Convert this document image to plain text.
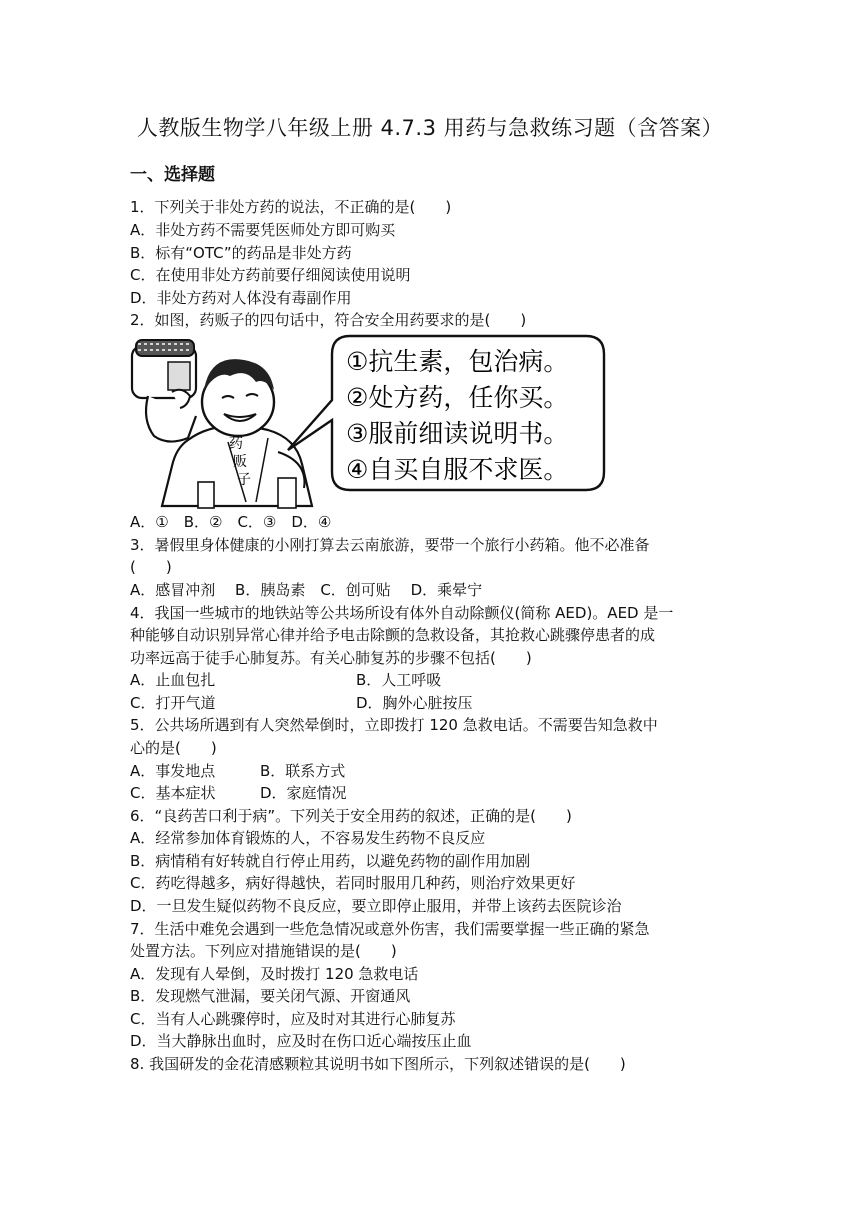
人教版生物学八年级上册 4.7.3 用药与急救练习题（含答案）
一、选择题
1．下列关于非处方药的说法，不正确的是(　　)
A．非处方药不需要凭医师处方即可购买
B．标有“OTC”的药品是非处方药
C．在使用非处方药前要仔细阅读使用说明
D．非处方药对人体没有毒副作用
2．如图，药贩子的四句话中，符合安全用药要求的是(　　)
药
贩
子
①抗生素，包治病。
②处方药，任你买。
③服前细读说明书。
④自买自服不求医。
A．①　B．②　C．③　D．④
3．暑假里身体健康的小刚打算去云南旅游，要带一个旅行小药箱。他不必准备
(　　)
A．感冒冲剂　 B．胰岛素　C．创可贴　 D．乘晕宁
4．我国一些城市的地铁站等公共场所设有体外自动除颤仪(简称 AED)。AED 是一
种能够自动识别异常心律并给予电击除颤的急救设备，其抢救心跳骤停患者的成
功率远高于徒手心肺复苏。有关心肺复苏的步骤不包括(　　)
A．止血包扎	B．人工呼吸
C．打开气道	D．胸外心脏按压
5．公共场所遇到有人突然晕倒时，立即拨打 120 急救电话。不需要告知急救中
心的是(　　)
A．事发地点	B．联系方式
C．基本症状	D．家庭情况
6．“良药苦口利于病”。下列关于安全用药的叙述，正确的是(　　)
A．经常参加体育锻炼的人，不容易发生药物不良反应
B．病情稍有好转就自行停止用药，以避免药物的副作用加剧
C．药吃得越多，病好得越快，若同时服用几种药，则治疗效果更好
D．一旦发生疑似药物不良反应，要立即停止服用，并带上该药去医院诊治
7．生活中难免会遇到一些危急情况或意外伤害，我们需要掌握一些正确的紧急
处置方法。下列应对措施错误的是(　　)
A．发现有人晕倒，及时拨打 120 急救电话
B．发现燃气泄漏，要关闭气源、开窗通风
C．当有人心跳骤停时，应及时对其进行心肺复苏
D．当大静脉出血时，应及时在伤口近心端按压止血
8. 我国研发的金花清感颗粒其说明书如下图所示，下列叙述错误的是(　　)
